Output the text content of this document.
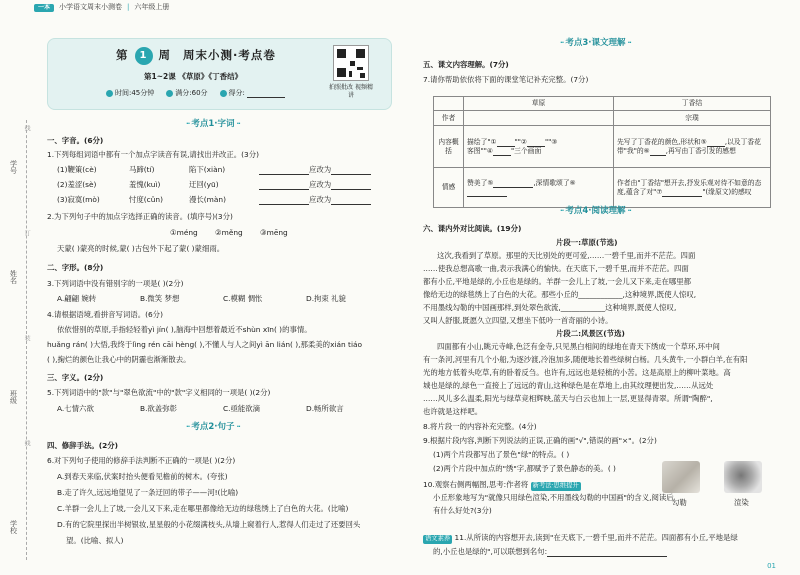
一本	小学语文周末小测卷 | 六年级上册
学号
姓名
班级
学校
线
订
装
线
第	1 周 周末小测·考点卷
第1~2课 《草原》《丁香结》
时间:45分钟	满分:60分	得分:
拍照批改 视频精讲
·· 考点1·字词 ··
一、字音。(6分)
1.下列每组词语中都有一个加点字读音有误,请找出并改正。(3分)
(1)鞭策(cè)	马蹄(tí)	陷下(xiàn)	应改为
(2)羞涩(sè)	羞愧(kuì)	迂回(yū)	应改为
(3)寂寞(mò)	忖度(cǔn)	漫长(màn)	应改为
2.为下列句子中的加点字选择正确的读音。(填序号)(3分)
①méng ②měng ③mēng
天蒙( )蒙亮的时候,蒙( )古包外下起了蒙( )蒙细雨。
二、字形。(8分)
3.下列词语中没有错别字的一项是( )(2分)
A.翩翩 婉转	B.微笑 梦想	C.模糊 惆怅	D.拘束 礼貌
4.请根据语境,看拼音写词语。(6分)
依依惜别的草原,手指轻轻着yì jín( ),脑海中回想着最近不shùn xīn( )的事情。
huǎng rán( )大悟,我终于lìng rén cāi hèng( ),不懂人与人之间yì ān lián( ),那柔美的xián tiáo
( ),掬烂的颜色让我心中的阴霾也渐渐散去。
三、字义。(2分)
5.下列词语中的"款"与"翠色欲流"中的"款"字义相同的一项是( )(2分)
A.七情六欲	B.欲盖弥彰	C.亟能欲滴	D.畅所欲言
·· 考点2·句子 ··
四、修辞手法。(2分)
6.对下列句子使用的修辞手法判断不正确的一项是( )(2分)
A.到春天来临,伏案时抬头便看见檐前的树木。(夸张)
B.走了许久,远远地望见了一条迂回的带子——河!(比喻)
C.羊群一会儿上了坡,一会儿又下来,走在哪里都像给无边的绿毯绣上了白色的大花。(比喻)
D.有的它院里探出半树银妆,星星般的小花缀满枝头,从墙上窥着行人,惹得人们走过了还要回头
望。(比喻、拟人)
·· 考点3·课文理解 ··
五、课文内容理解。(7分)
7.请你帮助依依将下面的课堂笔记补充完整。(7分)
	草原	丁香结
作者		宗璞
内容概括	描绘了"① ""② ""③
客图""④ "三个画面	先写了丁香花的颜色,形状和⑤ ,以及丁香花带"我"的⑥ ,再写由丁香引发的感想
情感	赞美了⑤ ,深情歌颂了⑥	作者由"丁香结"想开去,抒发乐观对待不如意的态度,蕴含了对"⑦ "(缘原文)的感叹
·· 考点4·阅读理解 ··
六、课内外对比阅读。(19分)
片段一:草原(节选)
这次,我看到了草原。那里的天比别处的更可爱,……一碧千里,而并不茫茫。四面
……使我总想高歌一曲,表示我满心的愉快。在天底下,一碧千里,而并不茫茫。四面
都有小丘,平地是绿的,小丘也是绿的。羊群一会儿上了坡,一会儿又下来,走在哪里都
像给无边的绿毯绣上了白色的大花。那些小丘的____________,这种境界,既使人惊叹,
不用墨线勾勒的中国画那样,到处翠色欲流,____________这种境界,既使人惊叹,
又叫人舒服,既愿久立四望,又想坐下低吟一首奇丽的小诗。
片段二:风景区(节选)
四面都有小山,眺元寺峰,色泛有金寺,只见黑白相间的绿地在青天下绣成一个草环,环中间
有一条河,河里有几个小船,为逐沙渡,冷泡加多,随便地长着些绿树白杨。几头黄牛,一小群白羊,在有阳
光的地方低着头吃草,有的卧着反刍。也许有,远远也是轻梳的小苦。这是高原上的柳叶菜地。高
城也是绿的,绿色一直接上了远远的青山,这种绿色是在草地上,由其纹理便出发,……从远处
……风儿多么温柔,阳光与绿草竞相辉映,蓝天与白云也加上一层,更显得青翠。所谓"陶醉",
也许就是这样吧。
8.将片段一的内容补充完整。(4分)
9.根据片段内容,判断下列说法的正误,正确的画"√",错误的画"×"。(2分)
(1)两个片段都写出了景色"绿"的特点。( )
(2)两个片段中加点的"绣"字,都赋予了景色静态的美。( )
10.观察右侧两幅图,思考:作者将 新考法·思维提升
小丘形象地写为"就像只用绿色渲染,不用墨线勾勒的中国画"的含义,阅读后
有什么好处?(3分)
勾勒	渲染
语文素养 11.从所读的内容想开去,读到"在天底下,一碧千里,而并不茫茫。四面都有小丘,平地是绿
的,小丘也是绿的",可以联想到名句:
01
